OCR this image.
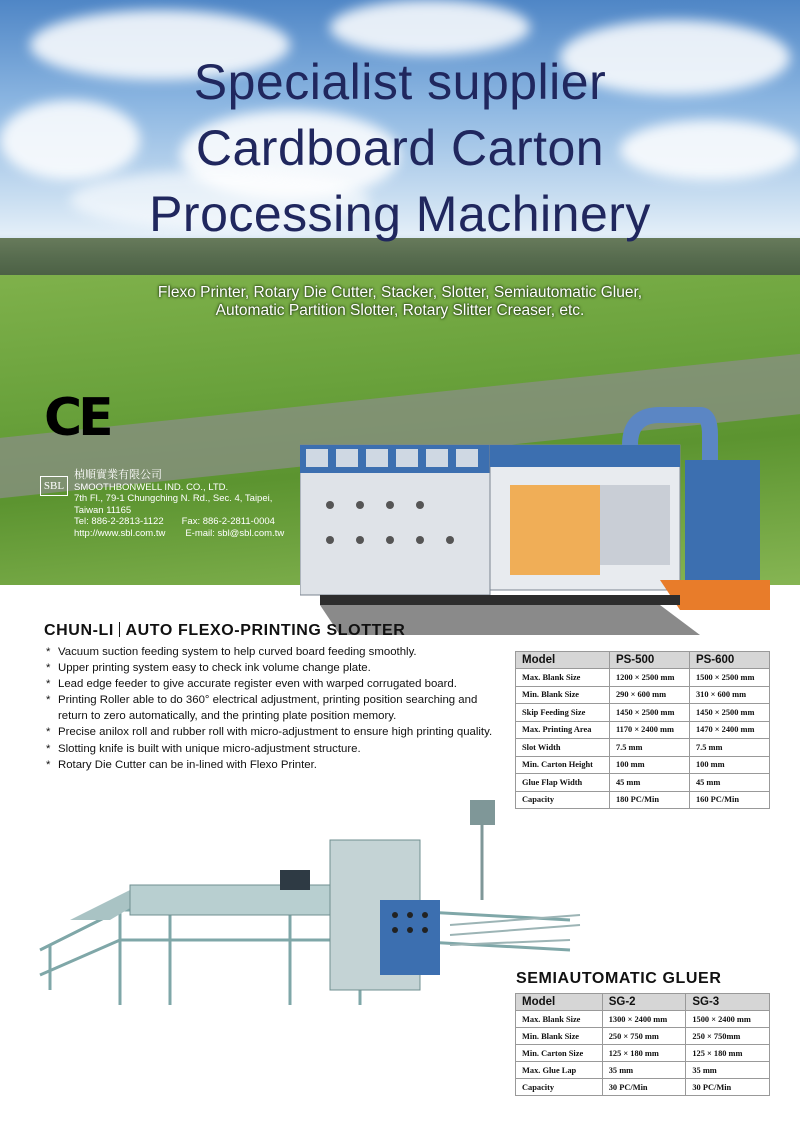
Specialist supplier
Cardboard Carton
Processing Machinery
Flexo Printer, Rotary Die Cutter, Stacker, Slotter, Semiautomatic Gluer,
Automatic Partition Slotter, Rotary Slitter Creaser, etc.
CE
SBL
楨順實業有限公司
SMOOTHBONWELL IND. CO., LTD.
7th Fl., 79-1 Chungching N. Rd., Sec. 4, Taipei,
Taiwan 11165
Tel: 886-2-2813-1122 Fax: 886-2-2811-0004
http://www.sbl.com.tw E-mail: sbl@sbl.com.tw
CHUN-LI AUTO FLEXO-PRINTING SLOTTER
* Vacuum suction feeding system to help curved board feeding smoothly.
* Upper printing system easy to check ink volume change plate.
* Lead edge feeder to give accurate register even with warped corrugated board.
* Printing Roller able to do 360° electrical adjustment, printing position searching and return to zero automatically, and the printing plate position memory.
* Precise anilox roll and rubber roll with micro-adjustment to ensure high printing quality.
* Slotting knife is built with unique micro-adjustment structure.
* Rotary Die Cutter can be in-lined with Flexo Printer.
Model	PS-500	PS-600
Max. Blank Size	1200 × 2500 mm	1500 × 2500 mm
Min. Blank Size	290 × 600 mm	310 × 600 mm
Skip Feeding Size	1450 × 2500 mm	1450 × 2500 mm
Max. Printing Area	1170 × 2400 mm	1470 × 2400 mm
Slot Width	7.5 mm	7.5 mm
Min. Carton Height	100 mm	100 mm
Glue Flap Width	45 mm	45 mm
Capacity	180 PC/Min	160 PC/Min
SEMIAUTOMATIC GLUER
Model	SG-2	SG-3
Max. Blank Size	1300 × 2400 mm	1500 × 2400 mm
Min. Blank Size	250 × 750 mm	250 × 750mm
Min. Carton Size	125 × 180 mm	125 × 180 mm
Max. Glue Lap	35 mm	35 mm
Capacity	30 PC/Min	30 PC/Min
